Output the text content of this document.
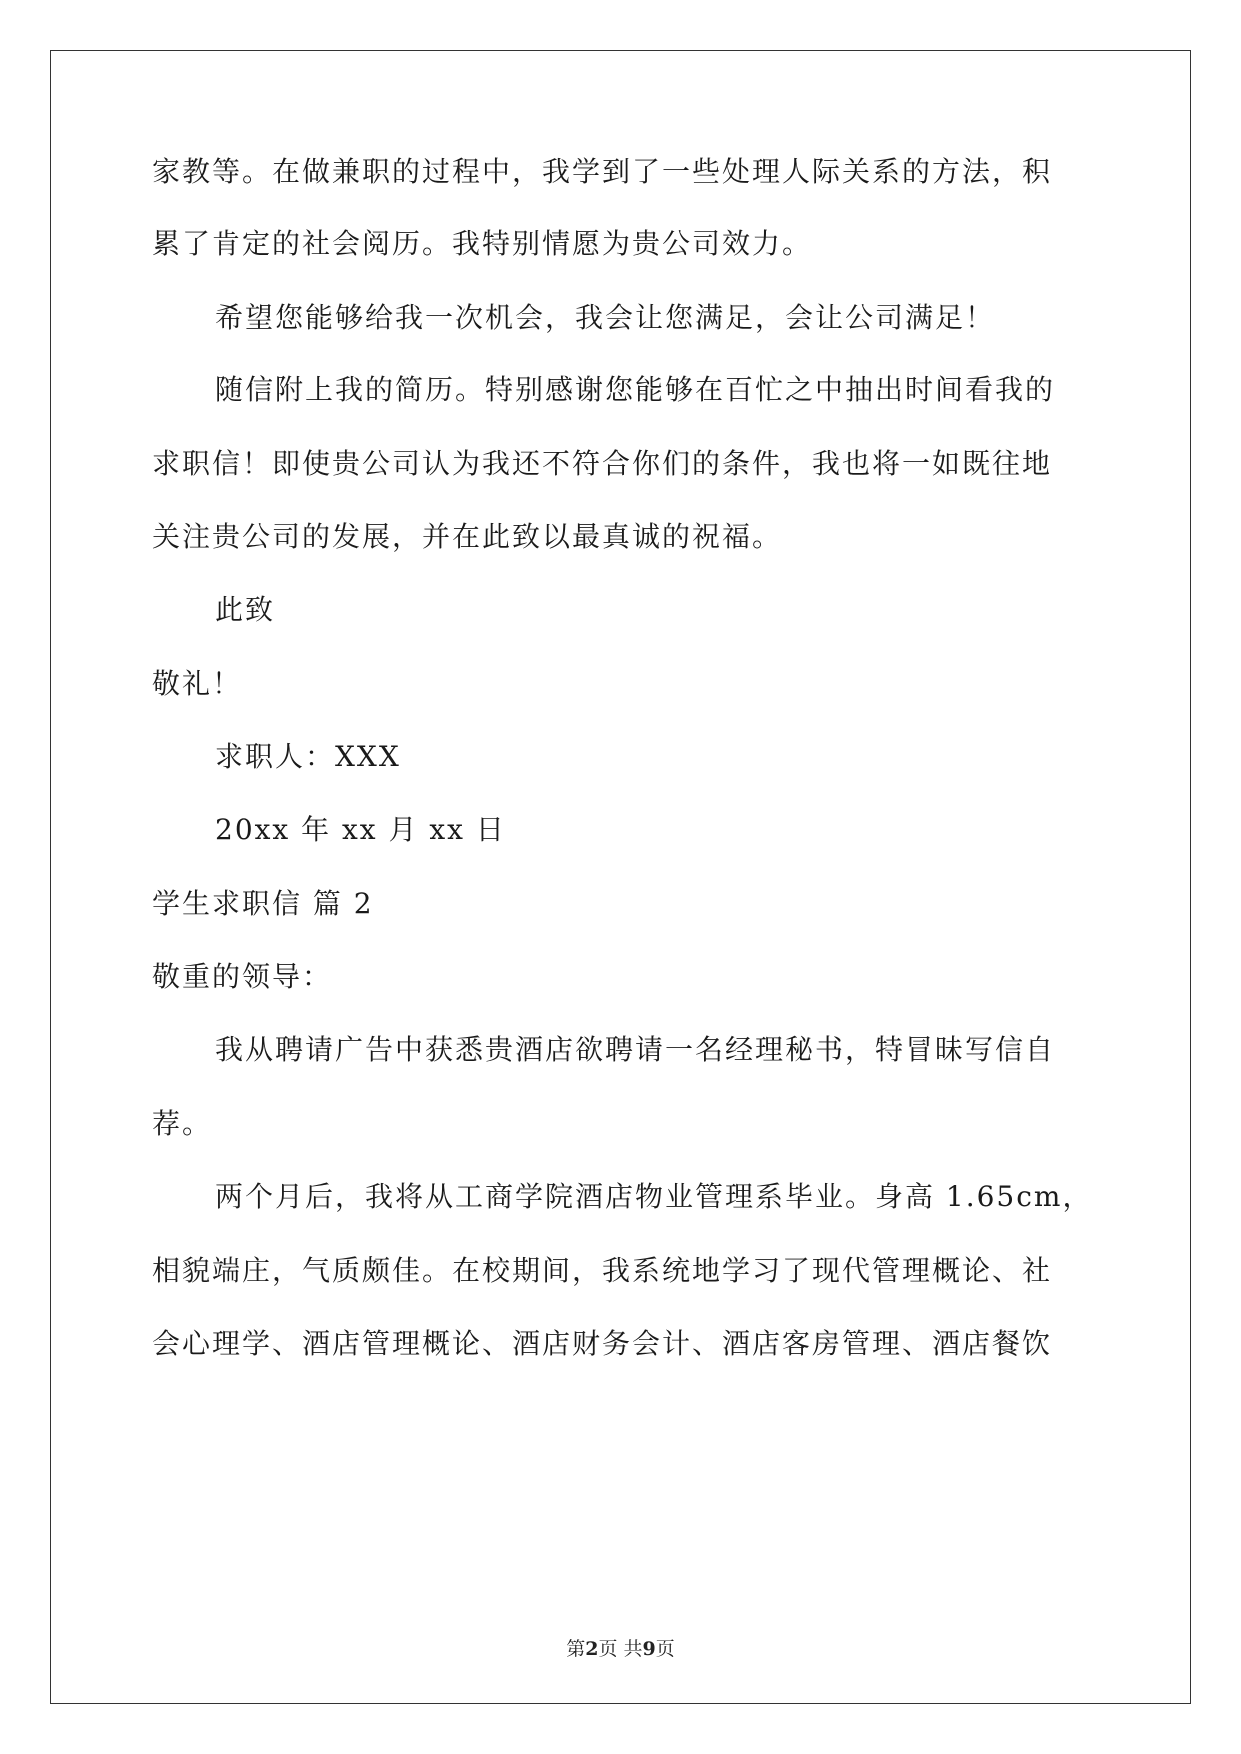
家教等。在做兼职的过程中，我学到了一些处理人际关系的方法，积
累了肯定的社会阅历。我特别情愿为贵公司效力。
希望您能够给我一次机会，我会让您满足，会让公司满足！
随信附上我的简历。特别感谢您能够在百忙之中抽出时间看我的
求职信！即使贵公司认为我还不符合你们的条件，我也将一如既往地
关注贵公司的发展，并在此致以最真诚的祝福。
此致
敬礼！
求职人：XXX
20xx 年 xx 月 xx 日
学生求职信 篇 2
敬重的领导：
我从聘请广告中获悉贵酒店欲聘请一名经理秘书，特冒昧写信自
荐。
两个月后，我将从工商学院酒店物业管理系毕业。身高 1.65cm，
相貌端庄，气质颇佳。在校期间，我系统地学习了现代管理概论、社
会心理学、酒店管理概论、酒店财务会计、酒店客房管理、酒店餐饮
第2页 共9页
